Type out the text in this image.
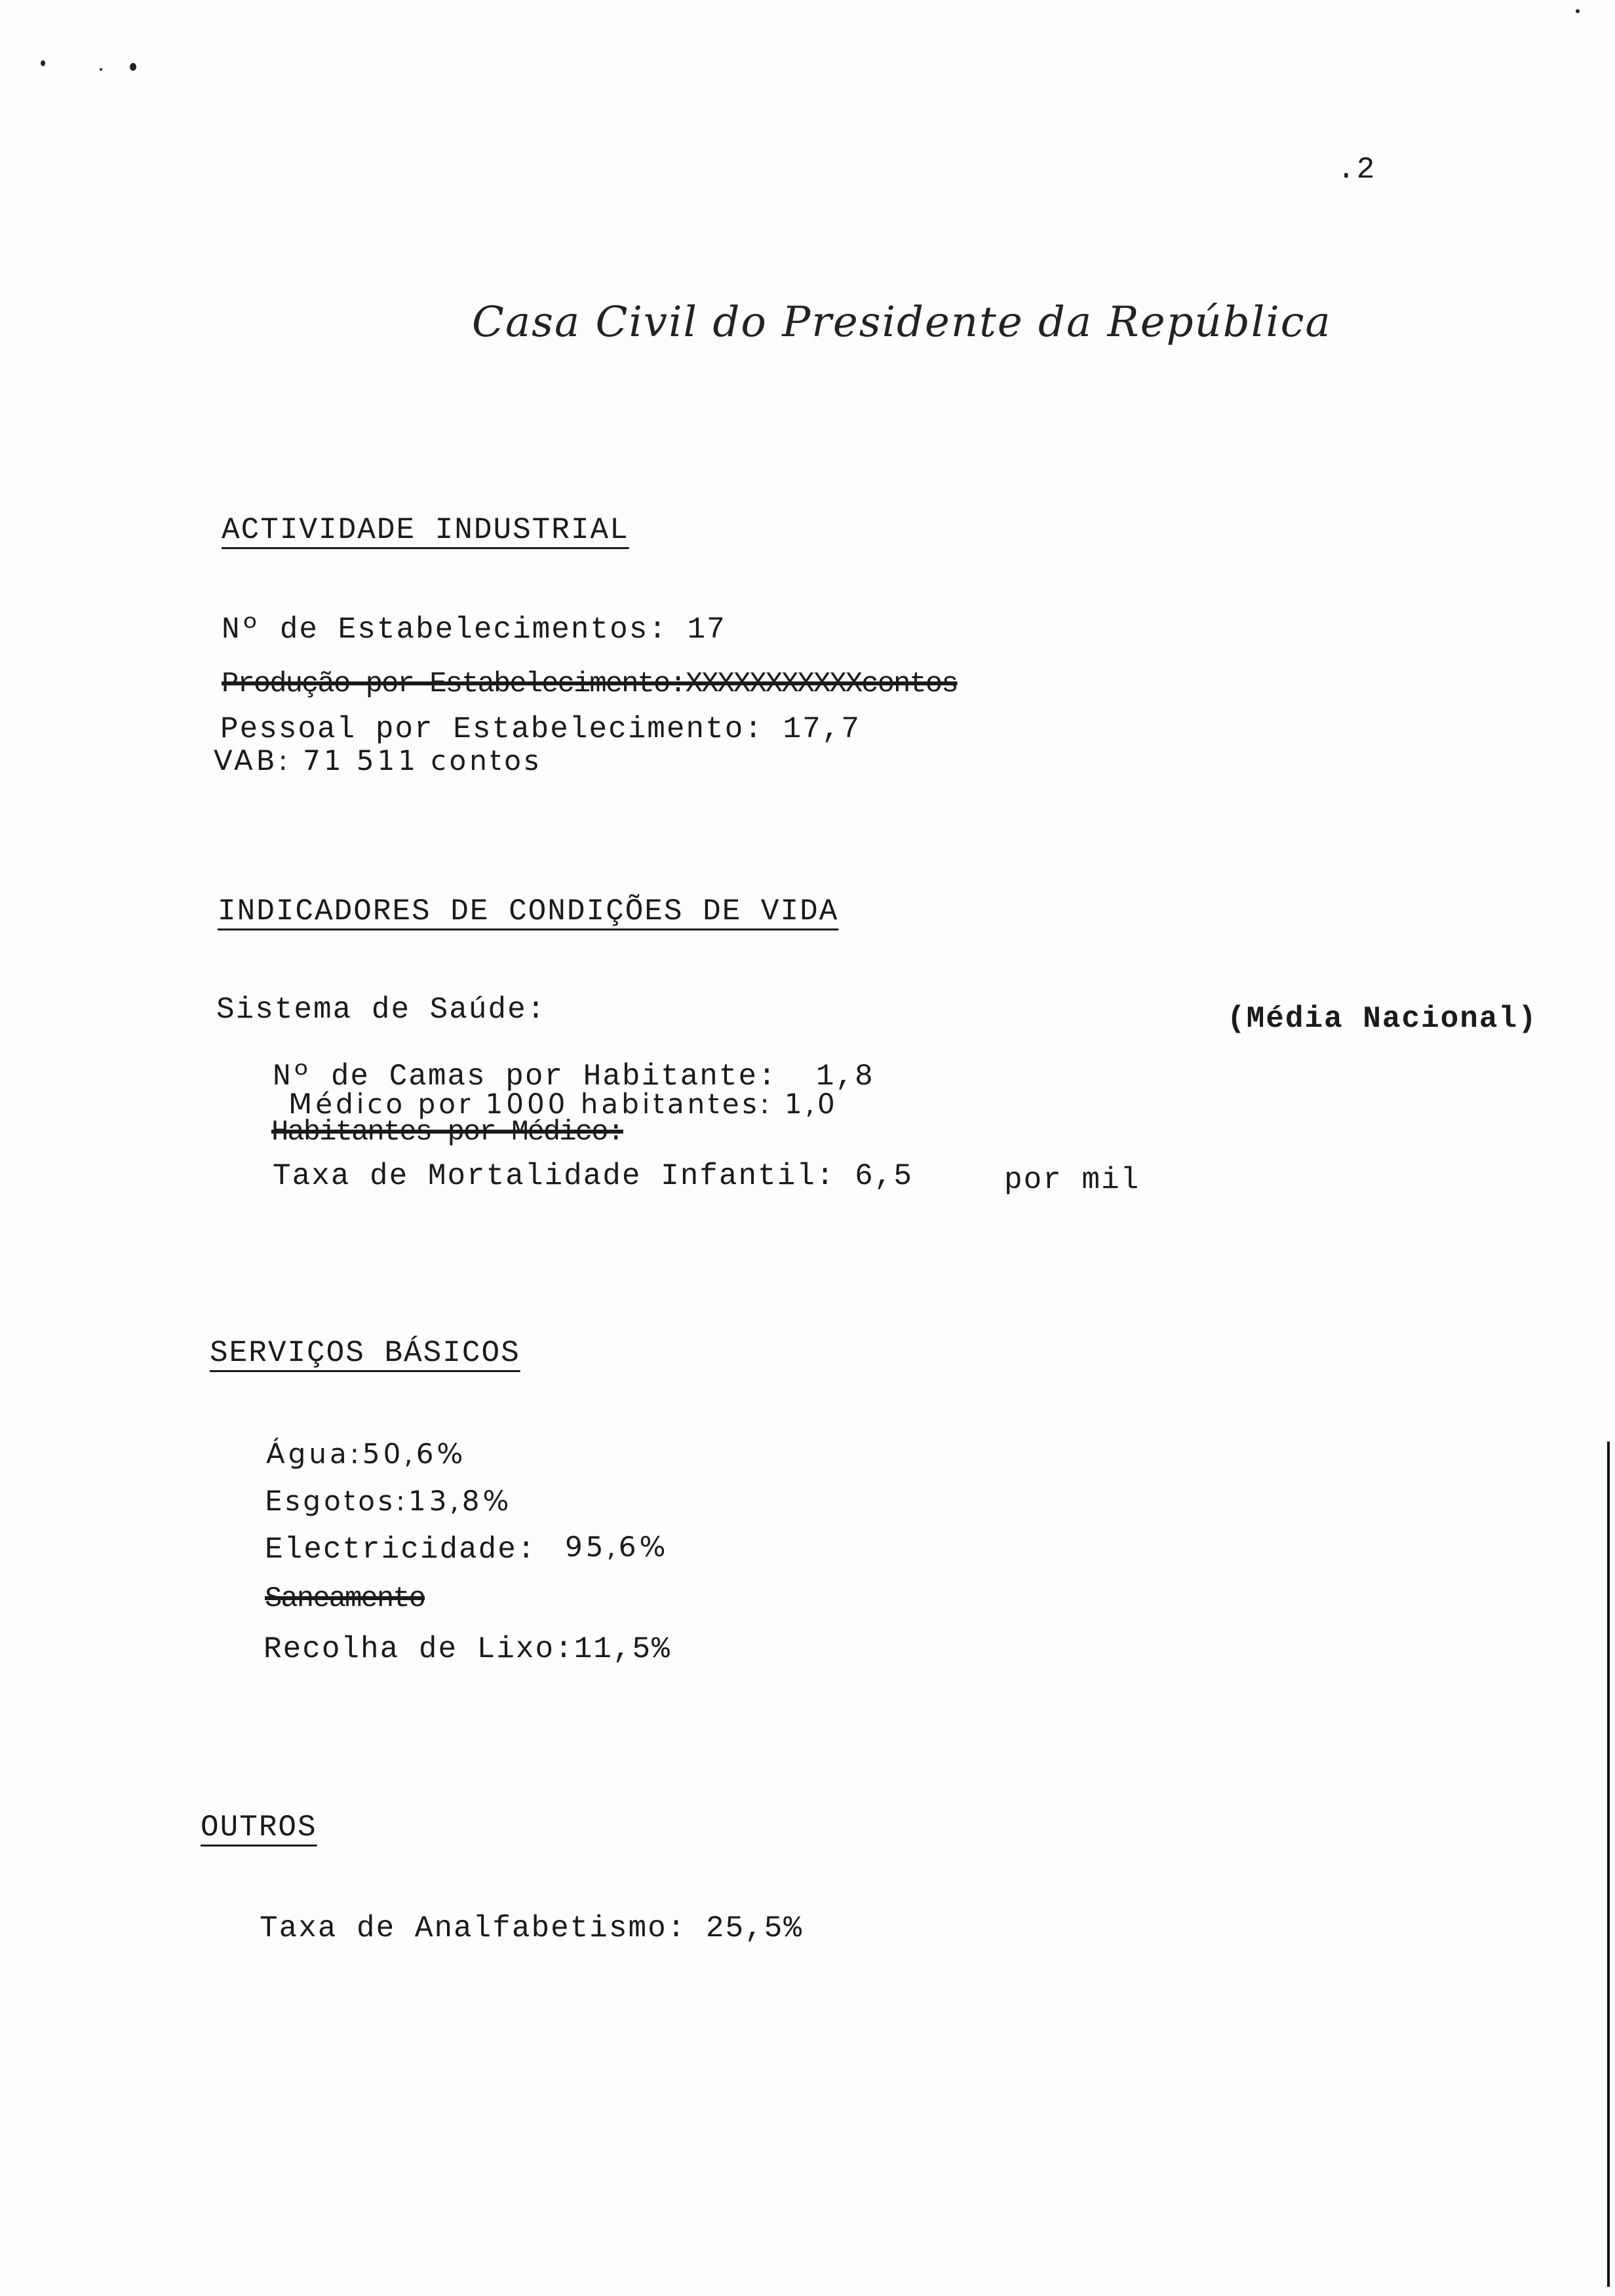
.2
Casa Civil do Presidente da República
ACTIVIDADE INDUSTRIAL
Nº de Estabelecimentos: 17
Produção por Estabelecimento:XXXXXXXXXXXcontos
Pessoal por Estabelecimento: 17,7
VAB: 71 511 contos
INDICADORES DE CONDIÇÕES DE VIDA
Sistema de Saúde:	(Média Nacional)
Nº de Camas por Habitante:  1,8
Médico por 1000 habitantes: 1,0
Habitantes por Médico:
Taxa de Mortalidade Infantil: 6,5	por mil
SERVIÇOS BÁSICOS
Água:50,6%
Esgotos:13,8%
Electricidade: 95,6%
Saneamento
Recolha de Lixo:11,5%
OUTROS
Taxa de Analfabetismo: 25,5%
